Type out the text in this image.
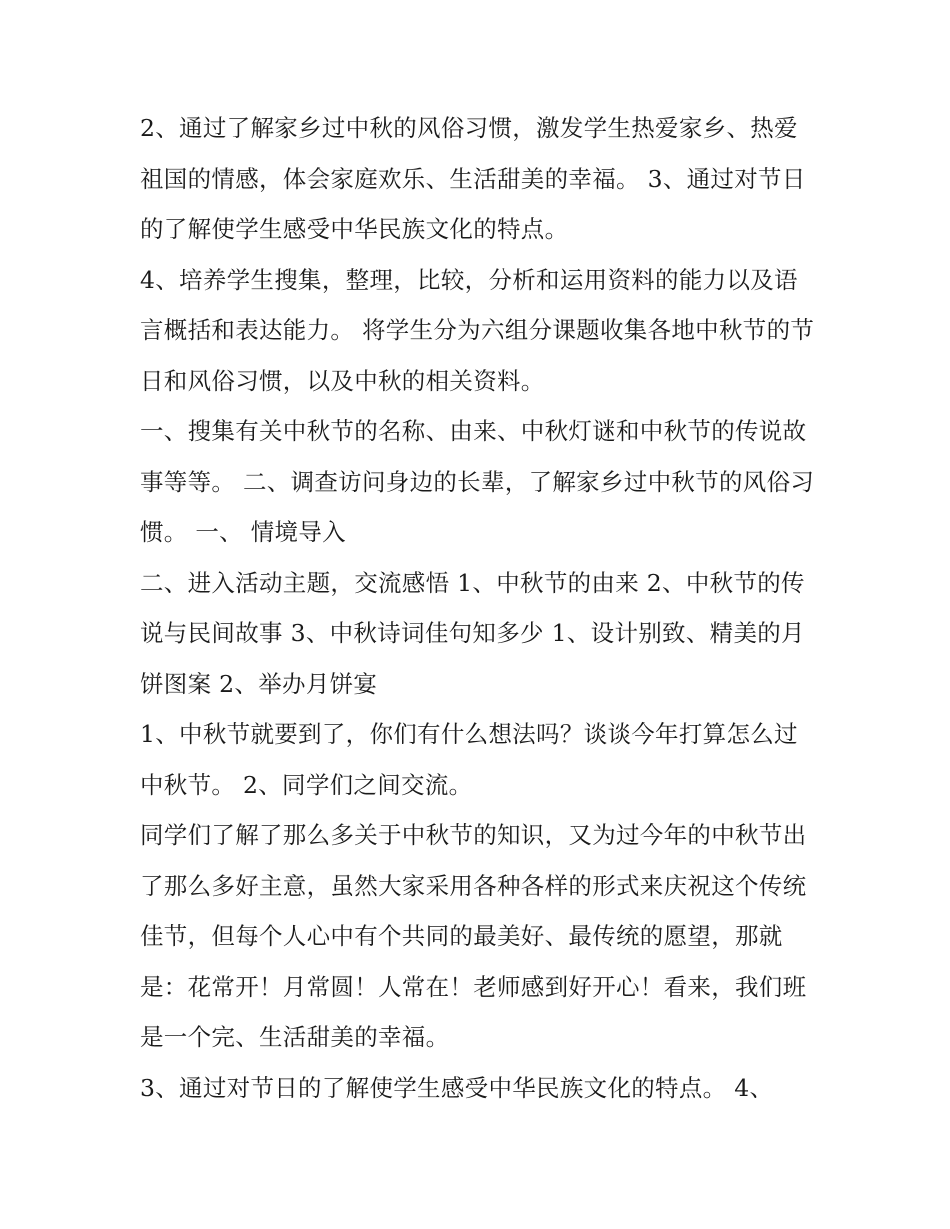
2、通过了解家乡过中秋的风俗习惯，激发学生热爱家乡、热爱祖国的情感，体会家庭欢乐、生活甜美的幸福。 3、通过对节日的了解使学生感受中华民族文化的特点。

4、培养学生搜集，整理，比较，分析和运用资料的能力以及语言概括和表达能力。 将学生分为六组分课题收集各地中秋节的节日和风俗习惯，以及中秋的相关资料。

一、搜集有关中秋节的名称、由来、中秋灯谜和中秋节的传说故事等等。 二、调查访问身边的长辈，了解家乡过中秋节的风俗习惯。 一、 情境导入

二、进入活动主题，交流感悟 1、中秋节的由来 2、中秋节的传说与民间故事 3、中秋诗词佳句知多少 1、设计别致、精美的月饼图案 2、举办月饼宴

1、中秋节就要到了，你们有什么想法吗？谈谈今年打算怎么过中秋节。 2、同学们之间交流。

同学们了解了那么多关于中秋节的知识，又为过今年的中秋节出了那么多好主意，虽然大家采用各种各样的形式来庆祝这个传统佳节，但每个人心中有个共同的最美好、最传统的愿望，那就是：花常开！月常圆！人常在！老师感到好开心！看来，我们班是一个完、生活甜美的幸福。

3、通过对节日的了解使学生感受中华民族文化的特点。 4、
